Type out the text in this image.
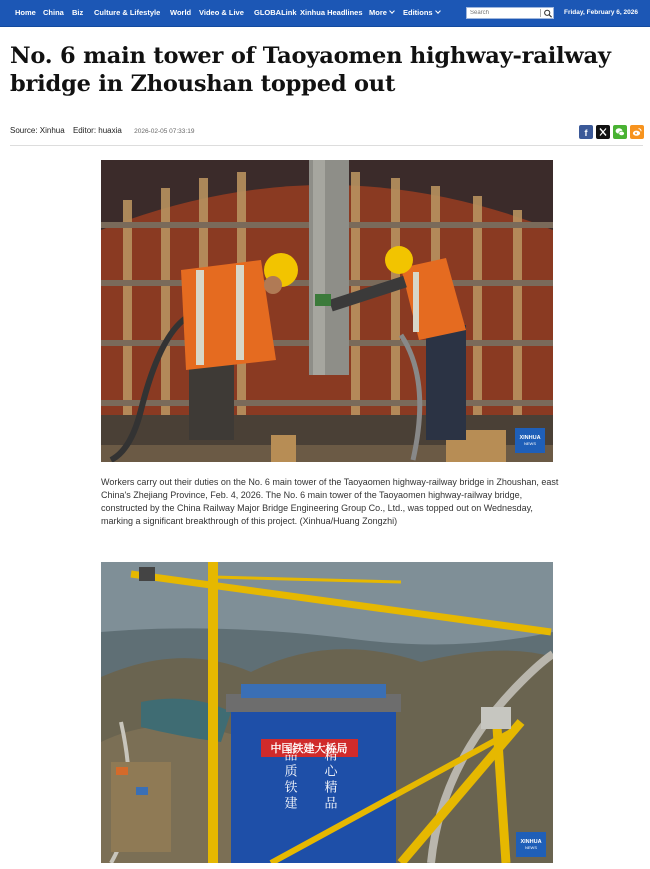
Home China Biz Culture & Lifestyle World Video & Live GLOBALink Xinhua Headlines More	Editions
Search	Friday, February 6, 2026
No. 6 main tower of Taoyaomen highway-railway bridge in Zhoushan topped out
Source: Xinhua Editor: huaxia 2026-02-05 07:33:19	f
XINHUA
NEWS

Workers carry out their duties on the No. 6 main tower of the Taoyaomen highway-railway bridge in Zhoushan, east China's Zhejiang Province, Feb. 4, 2026. The No. 6 main tower of the Taoyaomen highway-railway bridge, constructed by the China Railway Major Bridge Engineering Group Co., Ltd., was topped out on Wednesday, marking a significant breakthrough of this project. (Xinhua/Huang Zongzhi)

中国铁建大桥局
品质铁建 精心精品
XINHUA
NEWS
